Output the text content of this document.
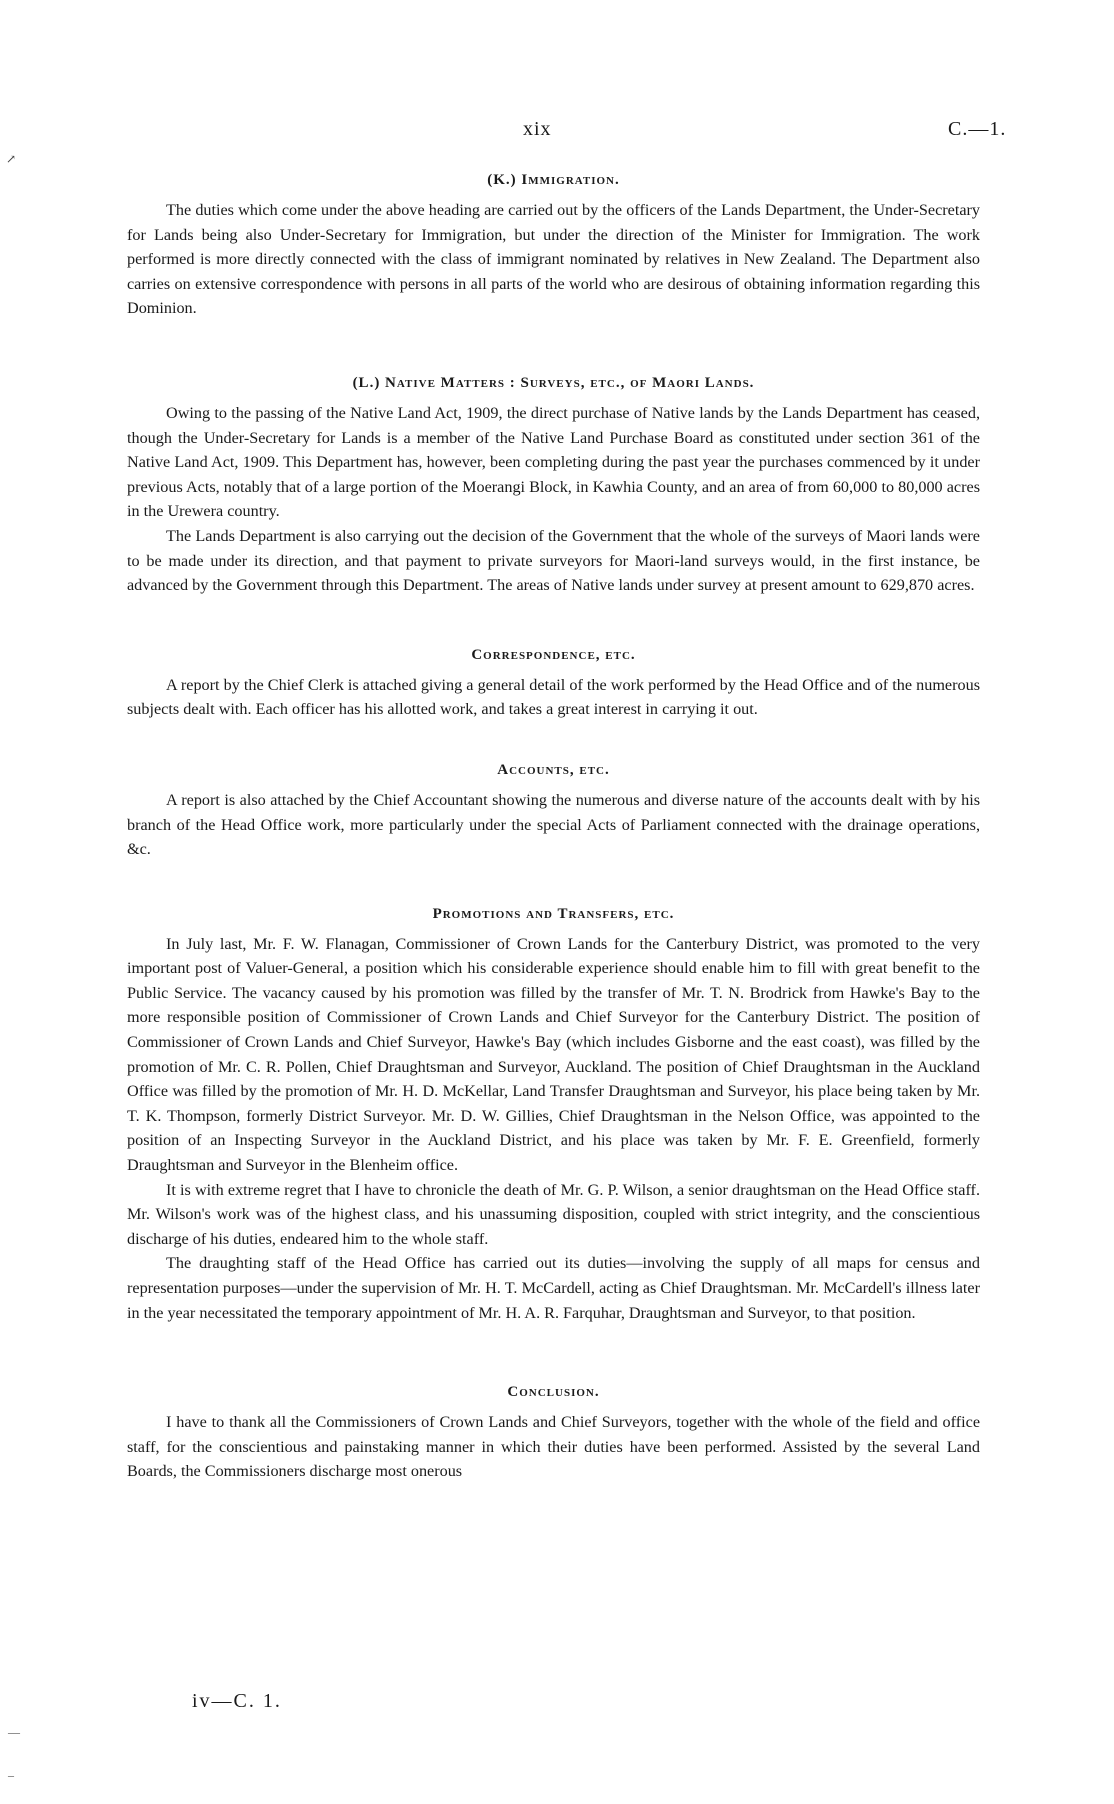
↗
—
–
xix	C.—1.
(K.) Immigration.

The duties which come under the above heading are carried out by the officers of the Lands Department, the Under-Secretary for Lands being also Under-Secretary for Immigration, but under the direction of the Minister for Immigration. The work performed is more directly connected with the class of immigrant nominated by relatives in New Zealand. The Department also carries on extensive correspondence with persons in all parts of the world who are desirous of obtaining information regarding this Dominion.

(L.) Native Matters : Surveys, etc., of Maori Lands.

Owing to the passing of the Native Land Act, 1909, the direct purchase of Native lands by the Lands Department has ceased, though the Under-Secretary for Lands is a member of the Native Land Purchase Board as constituted under section 361 of the Native Land Act, 1909. This Department has, however, been completing during the past year the purchases commenced by it under previous Acts, notably that of a large portion of the Moerangi Block, in Kawhia County, and an area of from 60,000 to 80,000 acres in the Urewera country.

The Lands Department is also carrying out the decision of the Government that the whole of the surveys of Maori lands were to be made under its direction, and that payment to private surveyors for Maori-land surveys would, in the first instance, be advanced by the Government through this Department. The areas of Native lands under survey at present amount to 629,870 acres.

Correspondence, etc.

A report by the Chief Clerk is attached giving a general detail of the work performed by the Head Office and of the numerous subjects dealt with. Each officer has his allotted work, and takes a great interest in carrying it out.

Accounts, etc.

A report is also attached by the Chief Accountant showing the numerous and diverse nature of the accounts dealt with by his branch of the Head Office work, more particularly under the special Acts of Parliament connected with the drainage operations, &c.

Promotions and Transfers, etc.

In July last, Mr. F. W. Flanagan, Commissioner of Crown Lands for the Canterbury District, was promoted to the very important post of Valuer-General, a position which his considerable experience should enable him to fill with great benefit to the Public Service. The vacancy caused by his promotion was filled by the transfer of Mr. T. N. Brodrick from Hawke's Bay to the more responsible position of Commissioner of Crown Lands and Chief Surveyor for the Canterbury District. The position of Commissioner of Crown Lands and Chief Surveyor, Hawke's Bay (which includes Gisborne and the east coast), was filled by the promotion of Mr. C. R. Pollen, Chief Draughtsman and Surveyor, Auckland. The position of Chief Draughtsman in the Auckland Office was filled by the promotion of Mr. H. D. McKellar, Land Transfer Draughtsman and Surveyor, his place being taken by Mr. T. K. Thompson, formerly District Surveyor. Mr. D. W. Gillies, Chief Draughtsman in the Nelson Office, was appointed to the position of an Inspecting Surveyor in the Auckland District, and his place was taken by Mr. F. E. Greenfield, formerly Draughtsman and Surveyor in the Blenheim office.

It is with extreme regret that I have to chronicle the death of Mr. G. P. Wilson, a senior draughtsman on the Head Office staff. Mr. Wilson's work was of the highest class, and his unassuming disposition, coupled with strict integrity, and the conscientious discharge of his duties, endeared him to the whole staff.

The draughting staff of the Head Office has carried out its duties—involving the supply of all maps for census and representation purposes—under the supervision of Mr. H. T. McCardell, acting as Chief Draughtsman. Mr. McCardell's illness later in the year necessitated the temporary appointment of Mr. H. A. R. Farquhar, Draughtsman and Surveyor, to that position.

Conclusion.

I have to thank all the Commissioners of Crown Lands and Chief Surveyors, together with the whole of the field and office staff, for the conscientious and painstaking manner in which their duties have been performed. Assisted by the several Land Boards, the Commissioners discharge most onerous

iv—C. 1.
